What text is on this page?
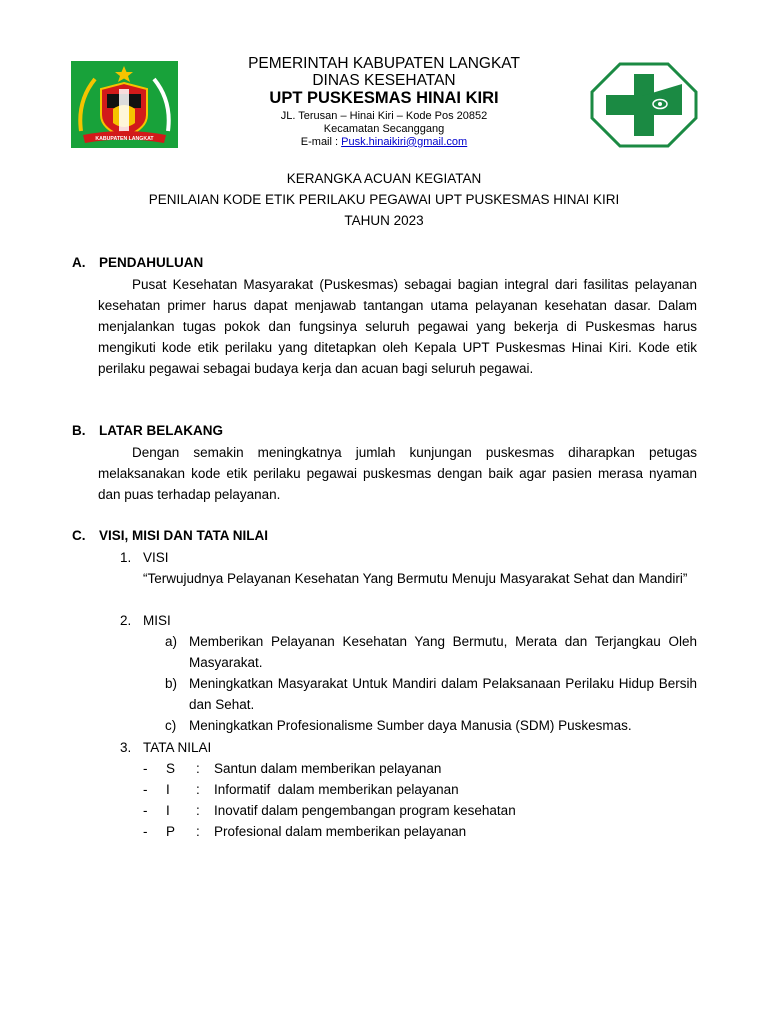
KABUPATEN LANGKAT
PEMERINTAH KABUPATEN LANGKAT
DINAS KESEHATAN
UPT PUSKESMAS HINAI KIRI
JL. Terusan – Hinai Kiri – Kode Pos 20852
Kecamatan Secanggang
E-mail : Pusk.hinaikiri@gmail.com
KERANGKA ACUAN KEGIATAN
PENILAIAN KODE ETIK PERILAKU PEGAWAI UPT PUSKESMAS HINAI KIRI
TAHUN 2023
A. PENDAHULUAN
Pusat Kesehatan Masyarakat (Puskesmas) sebagai bagian integral dari fasilitas pelayanan kesehatan primer harus dapat menjawab tantangan utama pelayanan kesehatan dasar. Dalam menjalankan tugas pokok dan fungsinya seluruh pegawai yang bekerja di Puskesmas harus mengikuti kode etik perilaku yang ditetapkan oleh Kepala UPT Puskesmas Hinai Kiri. Kode etik perilaku pegawai sebagai budaya kerja dan acuan bagi seluruh pegawai.
B. LATAR BELAKANG
Dengan semakin meningkatnya jumlah kunjungan puskesmas diharapkan petugas melaksanakan kode etik perilaku pegawai puskesmas dengan baik agar pasien merasa nyaman dan puas terhadap pelayanan.
C. VISI, MISI DAN TATA NILAI
1. VISI
“Terwujudnya Pelayanan Kesehatan Yang Bermutu Menuju Masyarakat Sehat dan Mandiri”
2. MISI
a) Memberikan Pelayanan Kesehatan Yang Bermutu, Merata dan Terjangkau Oleh Masyarakat.
b) Meningkatkan Masyarakat Untuk Mandiri dalam Pelaksanaan Perilaku Hidup Bersih dan Sehat.
c) Meningkatkan Profesionalisme Sumber daya Manusia (SDM) Puskesmas.
3. TATA NILAI
- S : Santun dalam memberikan pelayanan
- I : Informatif  dalam memberikan pelayanan
- I : Inovatif dalam pengembangan program kesehatan
- P : Profesional dalam memberikan pelayanan
